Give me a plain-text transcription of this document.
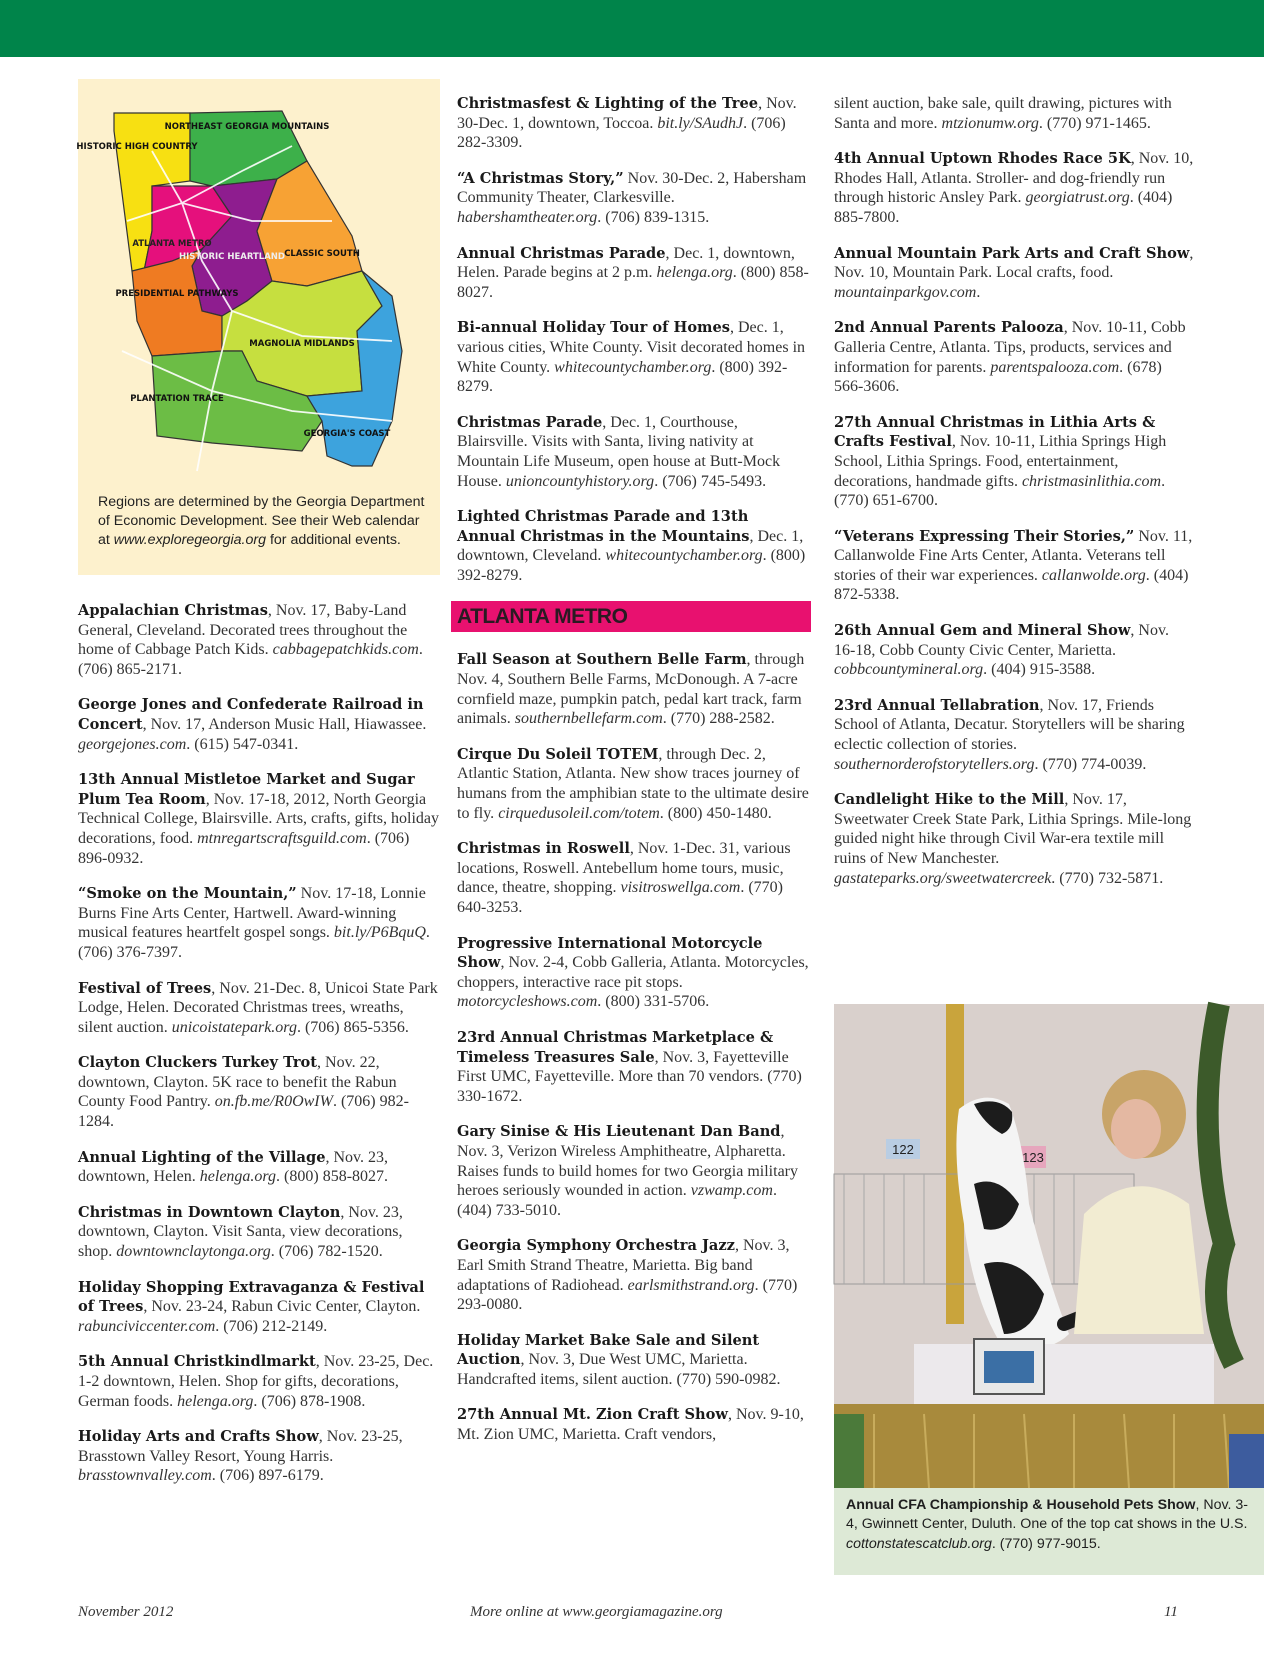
NORTHEAST GEORGIA MOUNTAINS
HISTORIC HIGH COUNTRY
ATLANTA METRO
HISTORIC HEARTLAND CLASSIC SOUTH
PRESIDENTIAL PATHWAYS
MAGNOLIA MIDLANDS
PLANTATION TRACE
GEORGIA'S COAST
Regions are determined by the Georgia Department of Economic Development. See their Web calendar at www.exploregeorgia.org for additional events.

Appalachian Christmas, Nov. 17, Baby-Land General, Cleveland. Decorated trees throughout the home of Cabbage Patch Kids. cabbagepatchkids.com. (706) 865-2171.

George Jones and Confederate Railroad in Concert, Nov. 17, Anderson Music Hall, Hiawassee. georgejones.com. (615) 547-0341.

13th Annual Mistletoe Market and Sugar Plum Tea Room, Nov. 17-18, 2012, North Georgia Technical College, Blairsville. Arts, crafts, gifts, holiday decorations, food. mtnregartscraftsguild.com. (706) 896-0932.

“Smoke on the Mountain,” Nov. 17-18, Lonnie Burns Fine Arts Center, Hartwell. Award-winning musical features heartfelt gospel songs. bit.ly/P6BquQ. (706) 376-7397.

Festival of Trees, Nov. 21-Dec. 8, Unicoi State Park Lodge, Helen. Decorated Christmas trees, wreaths, silent auction. unicoistatepark.org. (706) 865-5356.

Clayton Cluckers Turkey Trot, Nov. 22, downtown, Clayton. 5K race to benefit the Rabun County Food Pantry. on.fb.me/R0OwIW. (706) 982-1284.

Annual Lighting of the Village, Nov. 23, downtown, Helen. helenga.org. (800) 858-8027.

Christmas in Downtown Clayton, Nov. 23, downtown, Clayton. Visit Santa, view decorations, shop. downtownclaytonga.org. (706) 782-1520.

Holiday Shopping Extravaganza & Festival of Trees, Nov. 23-24, Rabun Civic Center, Clayton. rabunciviccenter.com. (706) 212-2149.

5th Annual Christkindlmarkt, Nov. 23-25, Dec. 1-2 downtown, Helen. Shop for gifts, decorations, German foods. helenga.org. (706) 878-1908.

Holiday Arts and Crafts Show, Nov. 23-25, Brasstown Valley Resort, Young Harris. brasstownvalley.com. (706) 897-6179.

Christmasfest & Lighting of the Tree, Nov. 30-Dec. 1, downtown, Toccoa. bit.ly/SAudhJ. (706) 282-3309.

“A Christmas Story,” Nov. 30-Dec. 2, Habersham Community Theater, Clarkesville. habershamtheater.org. (706) 839-1315.

Annual Christmas Parade, Dec. 1, downtown, Helen. Parade begins at 2 p.m. helenga.org. (800) 858-8027.

Bi-annual Holiday Tour of Homes, Dec. 1, various cities, White County. Visit decorated homes in White County. whitecountychamber.org. (800) 392-8279.

Christmas Parade, Dec. 1, Courthouse, Blairsville. Visits with Santa, living nativity at Mountain Life Museum, open house at Butt-Mock House. unioncountyhistory.org. (706) 745-5493.

Lighted Christmas Parade and 13th Annual Christmas in the Mountains, Dec. 1, downtown, Cleveland. whitecountychamber.org. (800) 392-8279.

ATLANTA METRO

Fall Season at Southern Belle Farm, through Nov. 4, Southern Belle Farms, McDonough. A 7-acre cornfield maze, pumpkin patch, pedal kart track, farm animals. southernbellefarm.com. (770) 288-2582.

Cirque Du Soleil TOTEM, through Dec. 2, Atlantic Station, Atlanta. New show traces journey of humans from the amphibian state to the ultimate desire to fly. cirquedusoleil.com/totem. (800) 450-1480.

Christmas in Roswell, Nov. 1-Dec. 31, various locations, Roswell. Antebellum home tours, music, dance, theatre, shopping. visitroswellga.com. (770) 640-3253.

Progressive International Motorcycle Show, Nov. 2-4, Cobb Galleria, Atlanta. Motorcycles, choppers, interactive race pit stops. motorcycleshows.com. (800) 331-5706.

23rd Annual Christmas Marketplace & Timeless Treasures Sale, Nov. 3, Fayetteville First UMC, Fayetteville. More than 70 vendors. (770) 330-1672.

Gary Sinise & His Lieutenant Dan Band, Nov. 3, Verizon Wireless Amphitheatre, Alpharetta. Raises funds to build homes for two Georgia military heroes seriously wounded in action. vzwamp.com. (404) 733-5010.

Georgia Symphony Orchestra Jazz, Nov. 3, Earl Smith Strand Theatre, Marietta. Big band adaptations of Radiohead. earlsmithstrand.org. (770) 293-0080.

Holiday Market Bake Sale and Silent Auction, Nov. 3, Due West UMC, Marietta. Handcrafted items, silent auction. (770) 590-0982.

27th Annual Mt. Zion Craft Show, Nov. 9-10, Mt. Zion UMC, Marietta. Craft vendors,

silent auction, bake sale, quilt drawing, pictures with Santa and more. mtzionumw.org. (770) 971-1465.

4th Annual Uptown Rhodes Race 5K, Nov. 10, Rhodes Hall, Atlanta. Stroller- and dog-friendly run through historic Ansley Park. georgiatrust.org. (404) 885-7800.

Annual Mountain Park Arts and Craft Show, Nov. 10, Mountain Park. Local crafts, food. mountainparkgov.com.

2nd Annual Parents Palooza, Nov. 10-11, Cobb Galleria Centre, Atlanta. Tips, products, services and information for parents. parentspalooza.com. (678) 566-3606.

27th Annual Christmas in Lithia Arts & Crafts Festival, Nov. 10-11, Lithia Springs High School, Lithia Springs. Food, entertainment, decorations, handmade gifts. christmasinlithia.com. (770) 651-6700.

“Veterans Expressing Their Stories,” Nov. 11, Callanwolde Fine Arts Center, Atlanta. Veterans tell stories of their war experiences. callanwolde.org. (404) 872-5338.

26th Annual Gem and Mineral Show, Nov. 16-18, Cobb County Civic Center, Marietta. cobbcountymineral.org. (404) 915-3588.

23rd Annual Tellabration, Nov. 17, Friends School of Atlanta, Decatur. Storytellers will be sharing eclectic collection of stories. southernorderofstorytellers.org. (770) 774-0039.

Candlelight Hike to the Mill, Nov. 17, Sweetwater Creek State Park, Lithia Springs. Mile-long guided night hike through Civil War-era textile mill ruins of New Manchester. gastateparks.org/sweetwatercreek. (770) 732-5871.

122
123
Annual CFA Championship & Household Pets Show, Nov. 3-4, Gwinnett Center, Duluth. One of the top cat shows in the U.S. cottonstatescatclub.org. (770) 977-9015.
November 2012	More online at www.georgiamagazine.org	11
